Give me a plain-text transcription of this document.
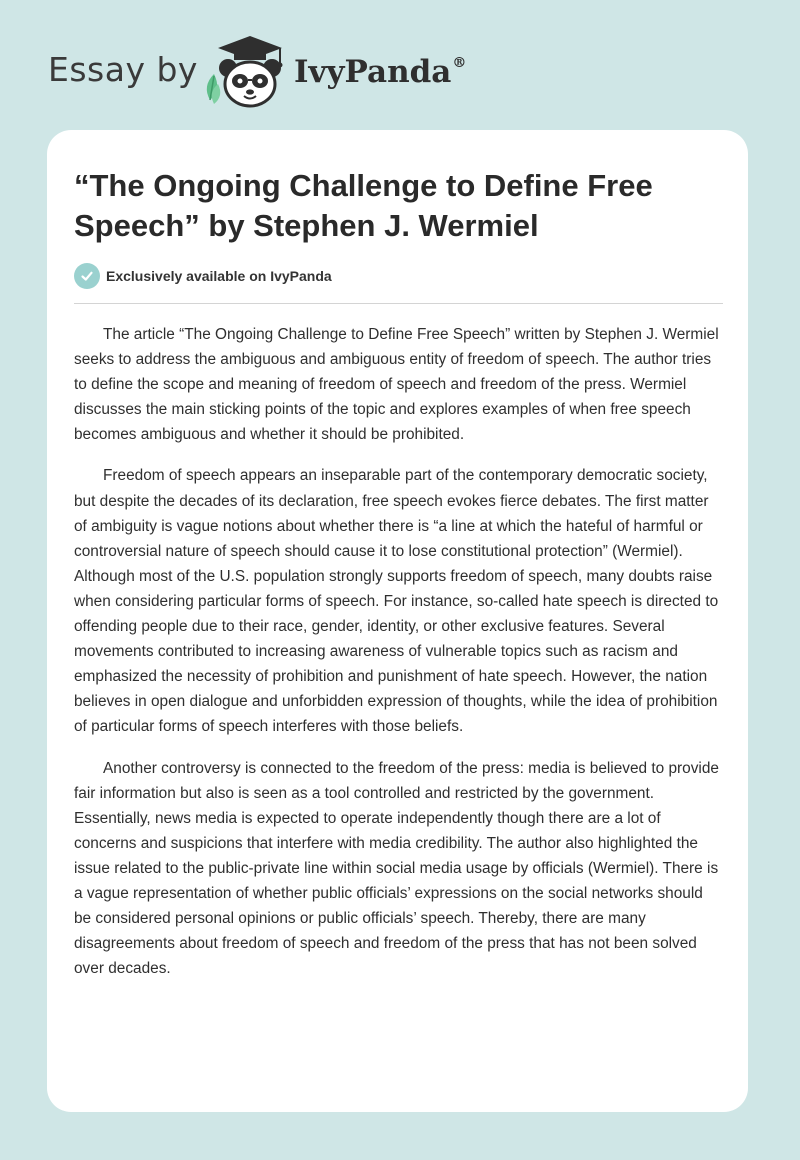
Essay by	IvyPanda®
“The Ongoing Challenge to Define Free Speech” by Stephen J. Wermiel
Exclusively available on IvyPanda

The article “The Ongoing Challenge to Define Free Speech” written by Stephen J. Wermiel seeks to address the ambiguous and ambiguous entity of freedom of speech. The author tries to define the scope and meaning of freedom of speech and freedom of the press. Wermiel discusses the main sticking points of the topic and explores examples of when free speech becomes ambiguous and whether it should be prohibited.

Freedom of speech appears an inseparable part of the contemporary democratic society, but despite the decades of its declaration, free speech evokes fierce debates. The first matter of ambiguity is vague notions about whether there is “a line at which the hateful of harmful or controversial nature of speech should cause it to lose constitutional protection” (Wermiel). Although most of the U.S. population strongly supports freedom of speech, many doubts raise when considering particular forms of speech. For instance, so-called hate speech is directed to offending people due to their race, gender, identity, or other exclusive features. Several movements contributed to increasing awareness of vulnerable topics such as racism and emphasized the necessity of prohibition and punishment of hate speech. However, the nation believes in open dialogue and unforbidden expression of thoughts, while the idea of prohibition of particular forms of speech interferes with those beliefs.

Another controversy is connected to the freedom of the press: media is believed to provide fair information but also is seen as a tool controlled and restricted by the government. Essentially, news media is expected to operate independently though there are a lot of concerns and suspicions that interfere with media credibility. The author also highlighted the issue related to the public-private line within social media usage by officials (Wermiel). There is a vague representation of whether public officials’ expressions on the social networks should be considered personal opinions or public officials’ speech. Thereby, there are many disagreements about freedom of speech and freedom of the press that has not been solved over decades.
